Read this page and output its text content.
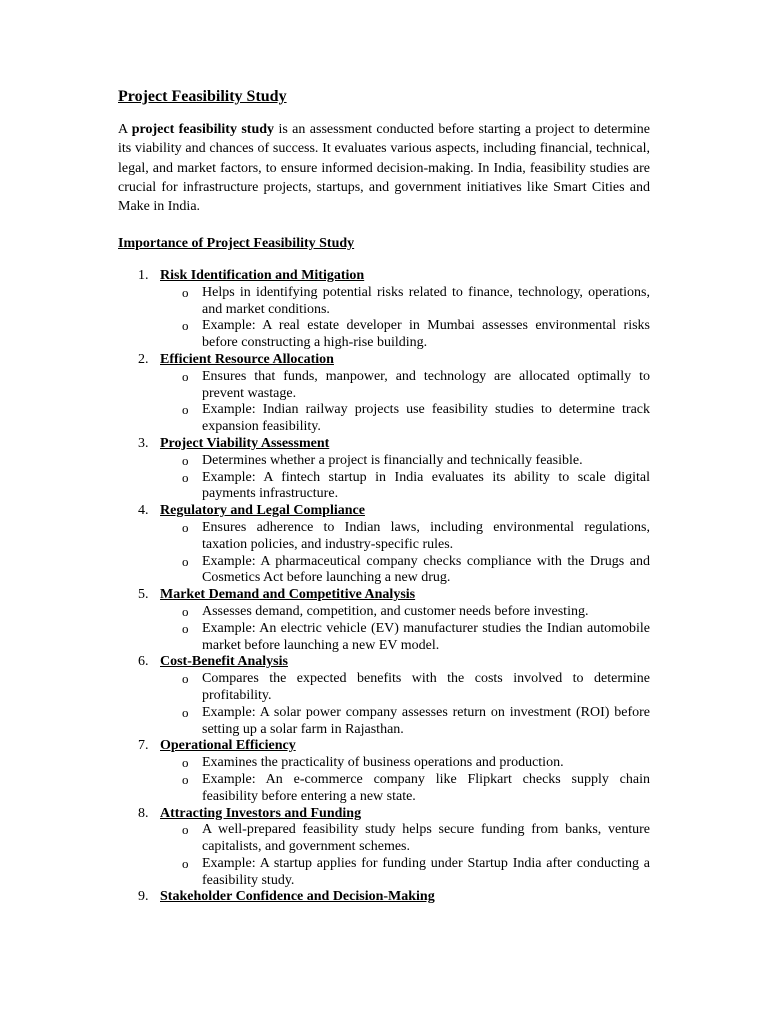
Project Feasibility Study

A project feasibility study is an assessment conducted before starting a project to determine its viability and chances of success. It evaluates various aspects, including financial, technical, legal, and market factors, to ensure informed decision-making. In India, feasibility studies are crucial for infrastructure projects, startups, and government initiatives like Smart Cities and Make in India.

Importance of Project Feasibility Study
1. Risk Identification and Mitigation
o Helps in identifying potential risks related to finance, technology, operations, and market conditions.
o Example: A real estate developer in Mumbai assesses environmental risks before constructing a high-rise building.
2. Efficient Resource Allocation
o Ensures that funds, manpower, and technology are allocated optimally to prevent wastage.
o Example: Indian railway projects use feasibility studies to determine track expansion feasibility.
3. Project Viability Assessment
o Determines whether a project is financially and technically feasible.
o Example: A fintech startup in India evaluates its ability to scale digital payments infrastructure.
4. Regulatory and Legal Compliance
o Ensures adherence to Indian laws, including environmental regulations, taxation policies, and industry-specific rules.
o Example: A pharmaceutical company checks compliance with the Drugs and Cosmetics Act before launching a new drug.
5. Market Demand and Competitive Analysis
o Assesses demand, competition, and customer needs before investing.
o Example: An electric vehicle (EV) manufacturer studies the Indian automobile market before launching a new EV model.
6. Cost-Benefit Analysis
o Compares the expected benefits with the costs involved to determine profitability.
o Example: A solar power company assesses return on investment (ROI) before setting up a solar farm in Rajasthan.
7. Operational Efficiency
o Examines the practicality of business operations and production.
o Example: An e-commerce company like Flipkart checks supply chain feasibility before entering a new state.
8. Attracting Investors and Funding
o A well-prepared feasibility study helps secure funding from banks, venture capitalists, and government schemes.
o Example: A startup applies for funding under Startup India after conducting a feasibility study.
9. Stakeholder Confidence and Decision-Making
